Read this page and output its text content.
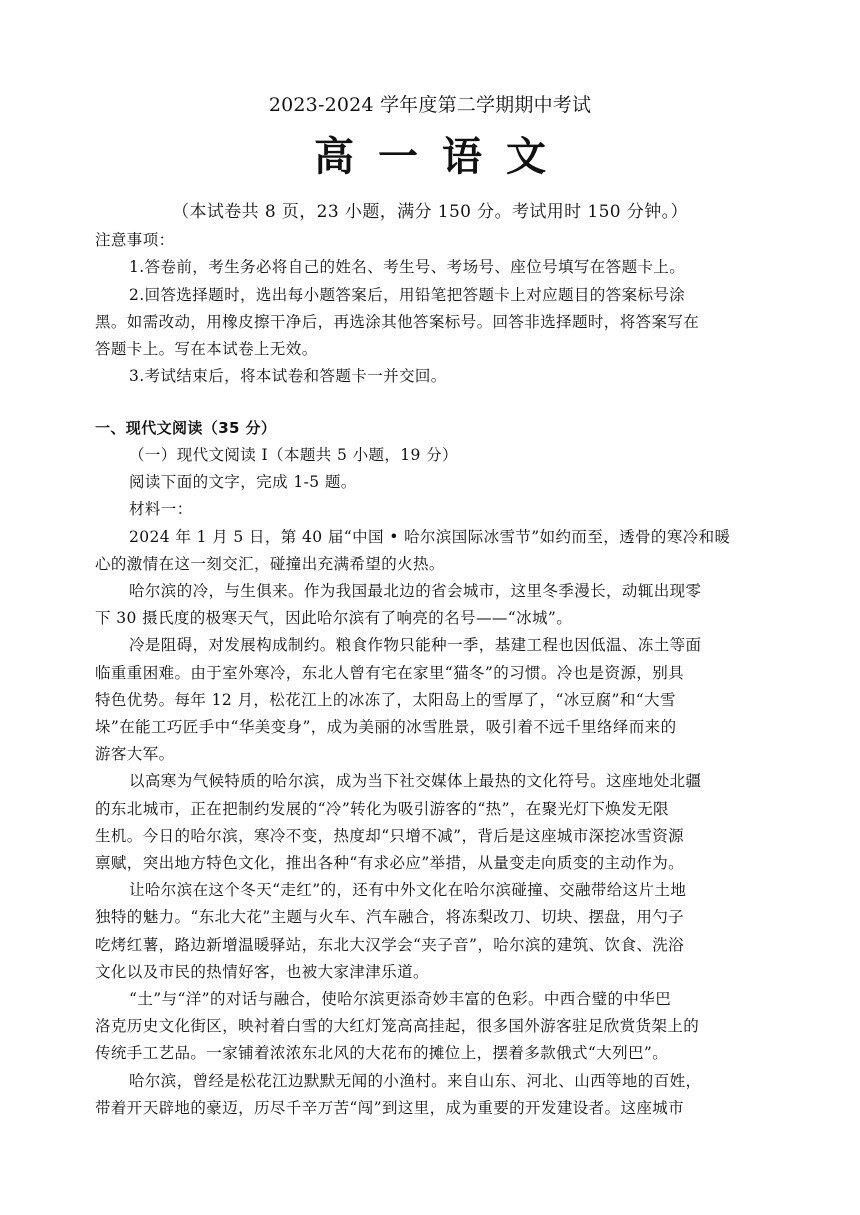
2023-2024 学年度第二学期期中考试
高 一 语 文
（本试卷共 8 页，23 小题，满分 150 分。考试用时 150 分钟。）
注意事项：
1.答卷前，考生务必将自己的姓名、考生号、考场号、座位号填写在答题卡上。
2.回答选择题时，选出每小题答案后，用铅笔把答题卡上对应题目的答案标号涂
黑。如需改动，用橡皮擦干净后，再选涂其他答案标号。回答非选择题时，将答案写在
答题卡上。写在本试卷上无效。
3.考试结束后，将本试卷和答题卡一并交回。
一、现代文阅读（35 分）
（一）现代文阅读 I（本题共 5 小题，19 分）
阅读下面的文字，完成 1-5 题。
材料一：
2024 年 1 月 5 日，第 40 届“中国 • 哈尔滨国际冰雪节”如约而至，透骨的寒冷和暖
心的激情在这一刻交汇，碰撞出充满希望的火热。
哈尔滨的冷，与生俱来。作为我国最北边的省会城市，这里冬季漫长，动辄出现零
下 30 摄氏度的极寒天气，因此哈尔滨有了响亮的名号——“冰城”。
冷是阻碍，对发展构成制约。粮食作物只能种一季，基建工程也因低温、冻土等面
临重重困难。由于室外寒冷，东北人曾有宅在家里“猫冬”的习惯。冷也是资源，别具
特色优势。每年 12 月，松花江上的冰冻了，太阳岛上的雪厚了，“冰豆腐”和“大雪
垛”在能工巧匠手中“华美变身”，成为美丽的冰雪胜景，吸引着不远千里络绎而来的
游客大军。
以高寒为气候特质的哈尔滨，成为当下社交媒体上最热的文化符号。这座地处北疆
的东北城市，正在把制约发展的“冷”转化为吸引游客的“热”，在聚光灯下焕发无限
生机。今日的哈尔滨，寒冷不变，热度却“只增不减”，背后是这座城市深挖冰雪资源
禀赋，突出地方特色文化，推出各种“有求必应”举措，从量变走向质变的主动作为。
让哈尔滨在这个冬天“走红”的，还有中外文化在哈尔滨碰撞、交融带给这片土地
独特的魅力。“东北大花”主题与火车、汽车融合，将冻梨改刀、切块、摆盘，用勺子
吃烤红薯，路边新增温暖驿站，东北大汉学会“夹子音”，哈尔滨的建筑、饮食、洗浴
文化以及市民的热情好客，也被大家津津乐道。
“土”与“洋”的对话与融合，使哈尔滨更添奇妙丰富的色彩。中西合璧的中华巴
洛克历史文化街区，映衬着白雪的大红灯笼高高挂起，很多国外游客驻足欣赏货架上的
传统手工艺品。一家铺着浓浓东北风的大花布的摊位上，摆着多款俄式“大列巴”。
哈尔滨，曾经是松花江边默默无闻的小渔村。来自山东、河北、山西等地的百姓，
带着开天辟地的豪迈，历尽千辛万苦“闯”到这里，成为重要的开发建设者。这座城市
